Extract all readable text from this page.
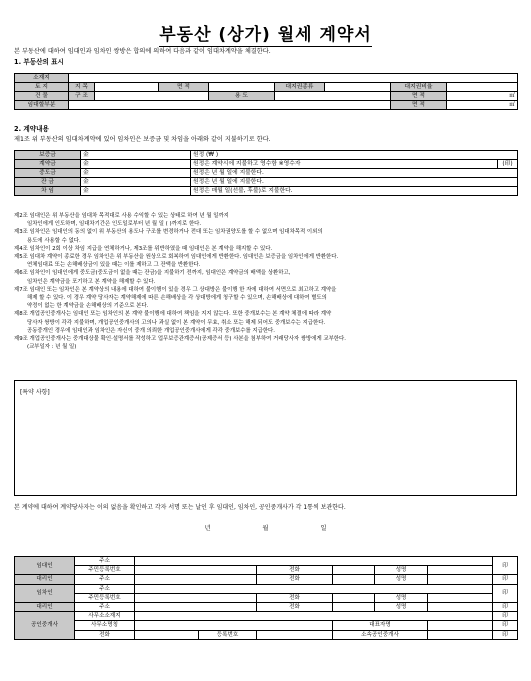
부동산 (상가) 월세 계약서
본 부동산에 대하여 임대인과 임차인 쌍방은 합의에 의하여 다음과 같이 임대차계약을 체결한다.
1. 부동산의 표시
소재지								
토 지	지 목		면 적		대지권종류		대지권비율	
건 물	구 조			용 도			면 적	㎡
임대할부분							면 적	㎡
2. 계약내용
제1조 위 부동산의 임대차계약에 있어 임차인은 보증금 및 차임을 아래와 같이 지불하기로 한다.
보증금	金	원정 (₩ )	
계약금	金	원정은 계약시에 지불하고 영수함 ※영수자	(印)
중도금	金	원정은 년 월 일에 지불한다.	
잔 금	金	원정은 년 월 일에 지불한다.	
차 임	金	원정은 매월 일(선불, 후불)로 지불한다.	

제2조 임대인은 위 부동산을 임대차 목적대로 사용 수익할 수 있는 상태로 하여 년 월 일까지

임차인에게 인도하며, 임대차기간은 인도일로부터 년 월 일 ( )까지로 한다.

제3조 임차인은 임대인의 동의 없이 위 부동산의 용도나 구조를 변경하거나 전대 또는 임차권양도를 할 수 없으며 임대차목적 이외의

용도에 사용할 수 없다.

제4조 임차인이 2회 이상 차임 지급을 연체하거나, 제3조를 위반하였을 때 임대인은 본 계약을 해지할 수 있다.

제5조 임대차 계약이 종료한 경우 임차인은 위 부동산을 원상으로 회복하여 임대인에게 반환한다. 임대인은 보증금을 임차인에게 반환한다.

연체임대료 또는 손해배상금이 있을 때는 이를 제하고 그 잔액을 반환한다.

제6조 임차인이 임대인에게 중도금(중도금이 없을 때는 잔금)을 지불하기 전까지, 임대인은 계약금의 배액을 상환하고,

임차인은 계약금을 포기하고 본 계약을 해제할 수 있다.

제7조 임대인 또는 임차인은 본 계약상의 내용에 대하여 불이행이 있을 경우 그 상대방은 불이행 한 자에 대하여 서면으로 최고하고 계약을

해제 할 수 있다. 이 경우 계약 당사자는 계약해제에 따른 손해배상을 각 상대방에게 청구할 수 있으며, 손해배상에 대하여 별도의

약정이 없는 한 계약금을 손해배상의 기준으로 본다.

제8조 개업공인중개사는 임대인 또는 임차인의 본 계약 불이행에 대하여 책임을 지지 않는다. 또한 중개보수는 본 계약 체결에 따라 계약

당사자 쌍방이 각각 지불하며, 개업공인중개사의 고의나 과실 없이 본 계약이 무효, 취소 또는 해제 되어도 중개보수는 지급한다.

공동중개인 경우에 임대인과 임차인은 자신이 중개 의뢰한 개업공인중개사에게 각각 중개보수를 지급한다.

제9조 개업공인중개사는 중개대상물 확인·설명서를 작성하고 업무보증관계증서(공제증서 등) 사본을 첨부하여 거래당사자 쌍방에게 교부한다.

(교부일자 : 년 월 일)

[특약 사항]
본 계약에 대하여 계약당사자는 이의 없음을 확인하고 각자 서명 또는 날인 후 임대인, 임차인, 공인중개사가 각 1통씩 보관한다.
년 월 일
임대인	주소							印
	주민등록번호			전화		성명		
대리인	주소			전화		성명		印
임차인	주소							印
	주민등록번호			전화		성명		
대리인	주소			전화		성명		印
공인중개사	사무소소재지							印
	사무소명칭				대표자명			印
	전화		등록번호		소속공인중개사			印
